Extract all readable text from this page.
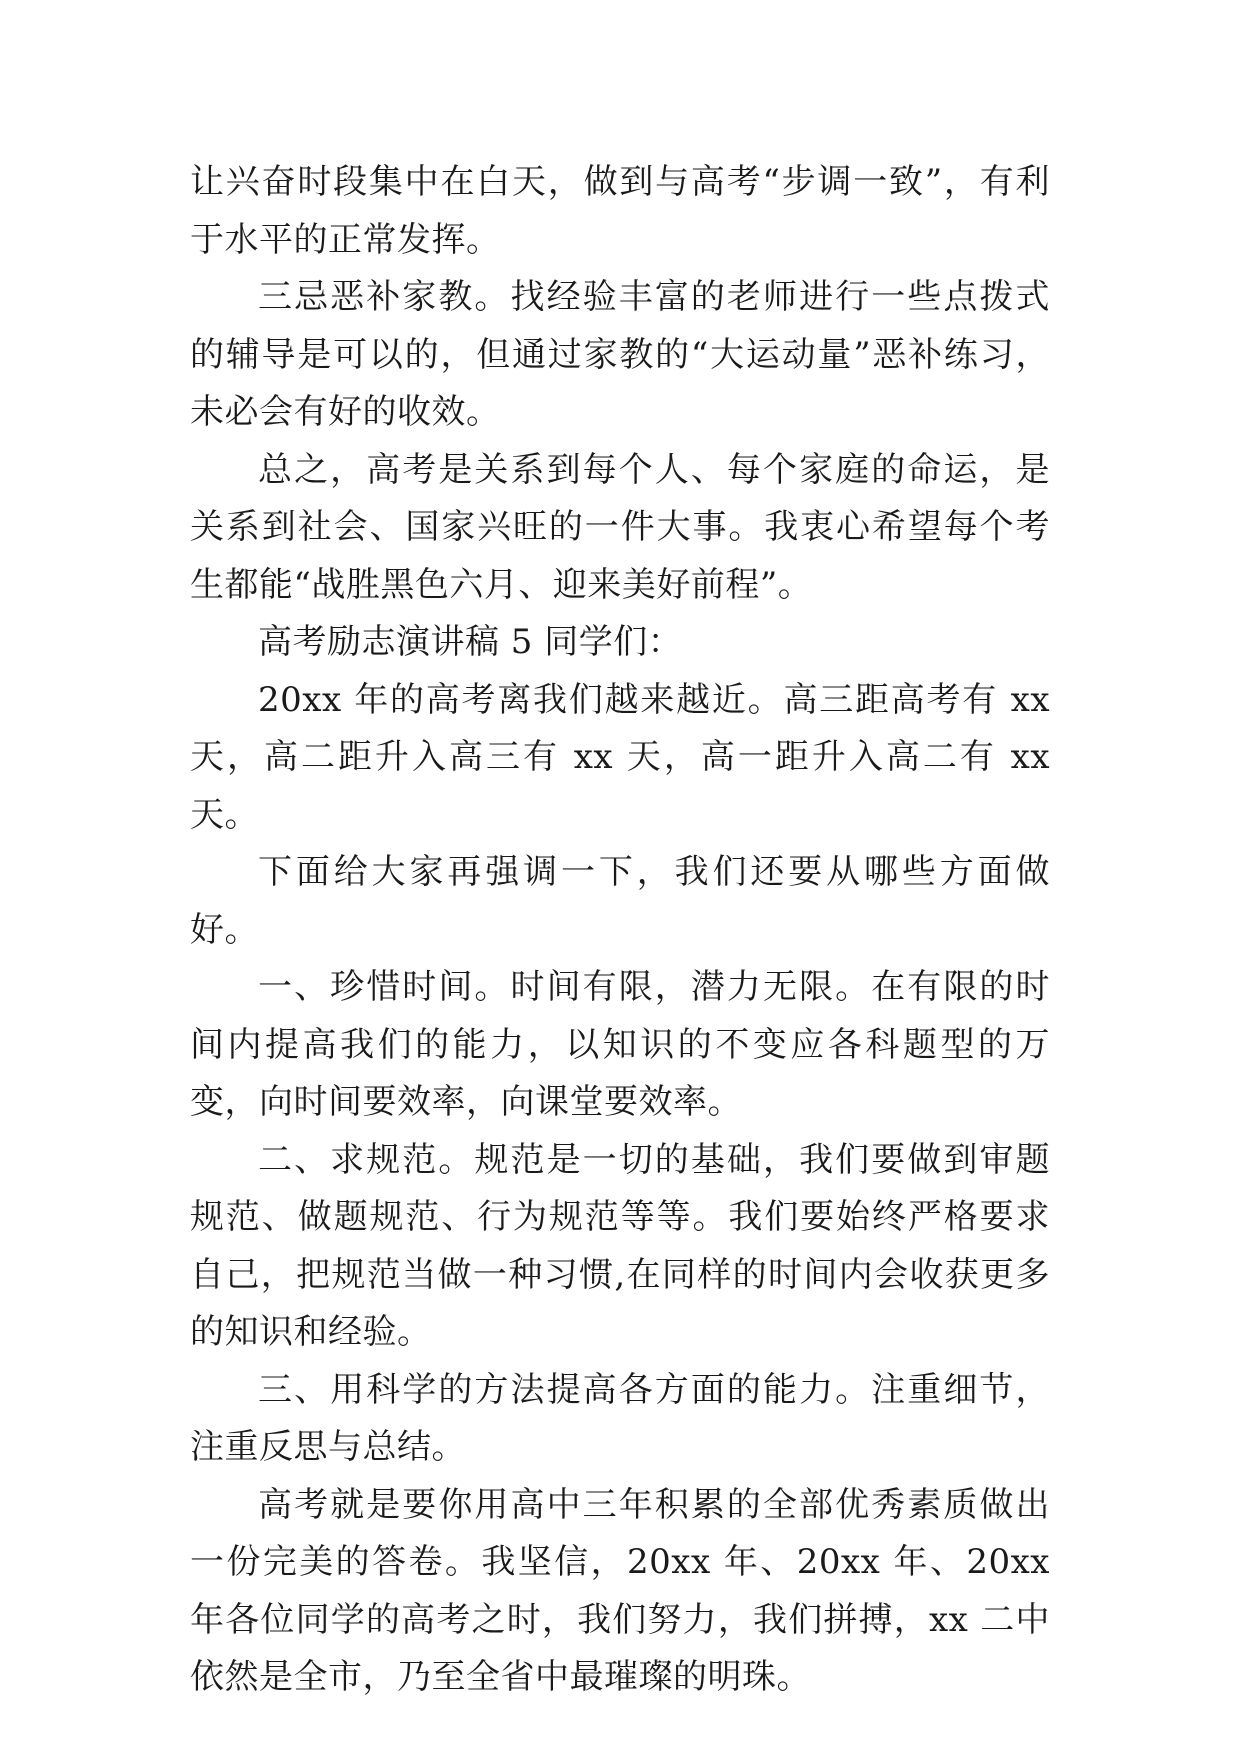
让兴奋时段集中在白天，做到与高考“步调一致”，有利于水平的正常发挥。

三忌恶补家教。找经验丰富的老师进行一些点拨式的辅导是可以的，但通过家教的“大运动量”恶补练习，未必会有好的收效。

总之，高考是关系到每个人、每个家庭的命运，是关系到社会、国家兴旺的一件大事。我衷心希望每个考生都能“战胜黑色六月、迎来美好前程”。

高考励志演讲稿 5 同学们：

20xx 年的高考离我们越来越近。高三距高考有 xx 天，高二距升入高三有 xx 天，高一距升入高二有 xx 天。

下面给大家再强调一下，我们还要从哪些方面做好。

一、珍惜时间。时间有限，潜力无限。在有限的时间内提高我们的能力，以知识的不变应各科题型的万变，向时间要效率，向课堂要效率。

二、求规范。规范是一切的基础，我们要做到审题规范、做题规范、行为规范等等。我们要始终严格要求自己，把规范当做一种习惯,在同样的时间内会收获更多的知识和经验。

三、用科学的方法提高各方面的能力。注重细节，注重反思与总结。

高考就是要你用高中三年积累的全部优秀素质做出一份完美的答卷。我坚信，20xx 年、20xx 年、20xx 年各位同学的高考之时，我们努力，我们拼搏，xx 二中依然是全市，乃至全省中最璀璨的明珠。
